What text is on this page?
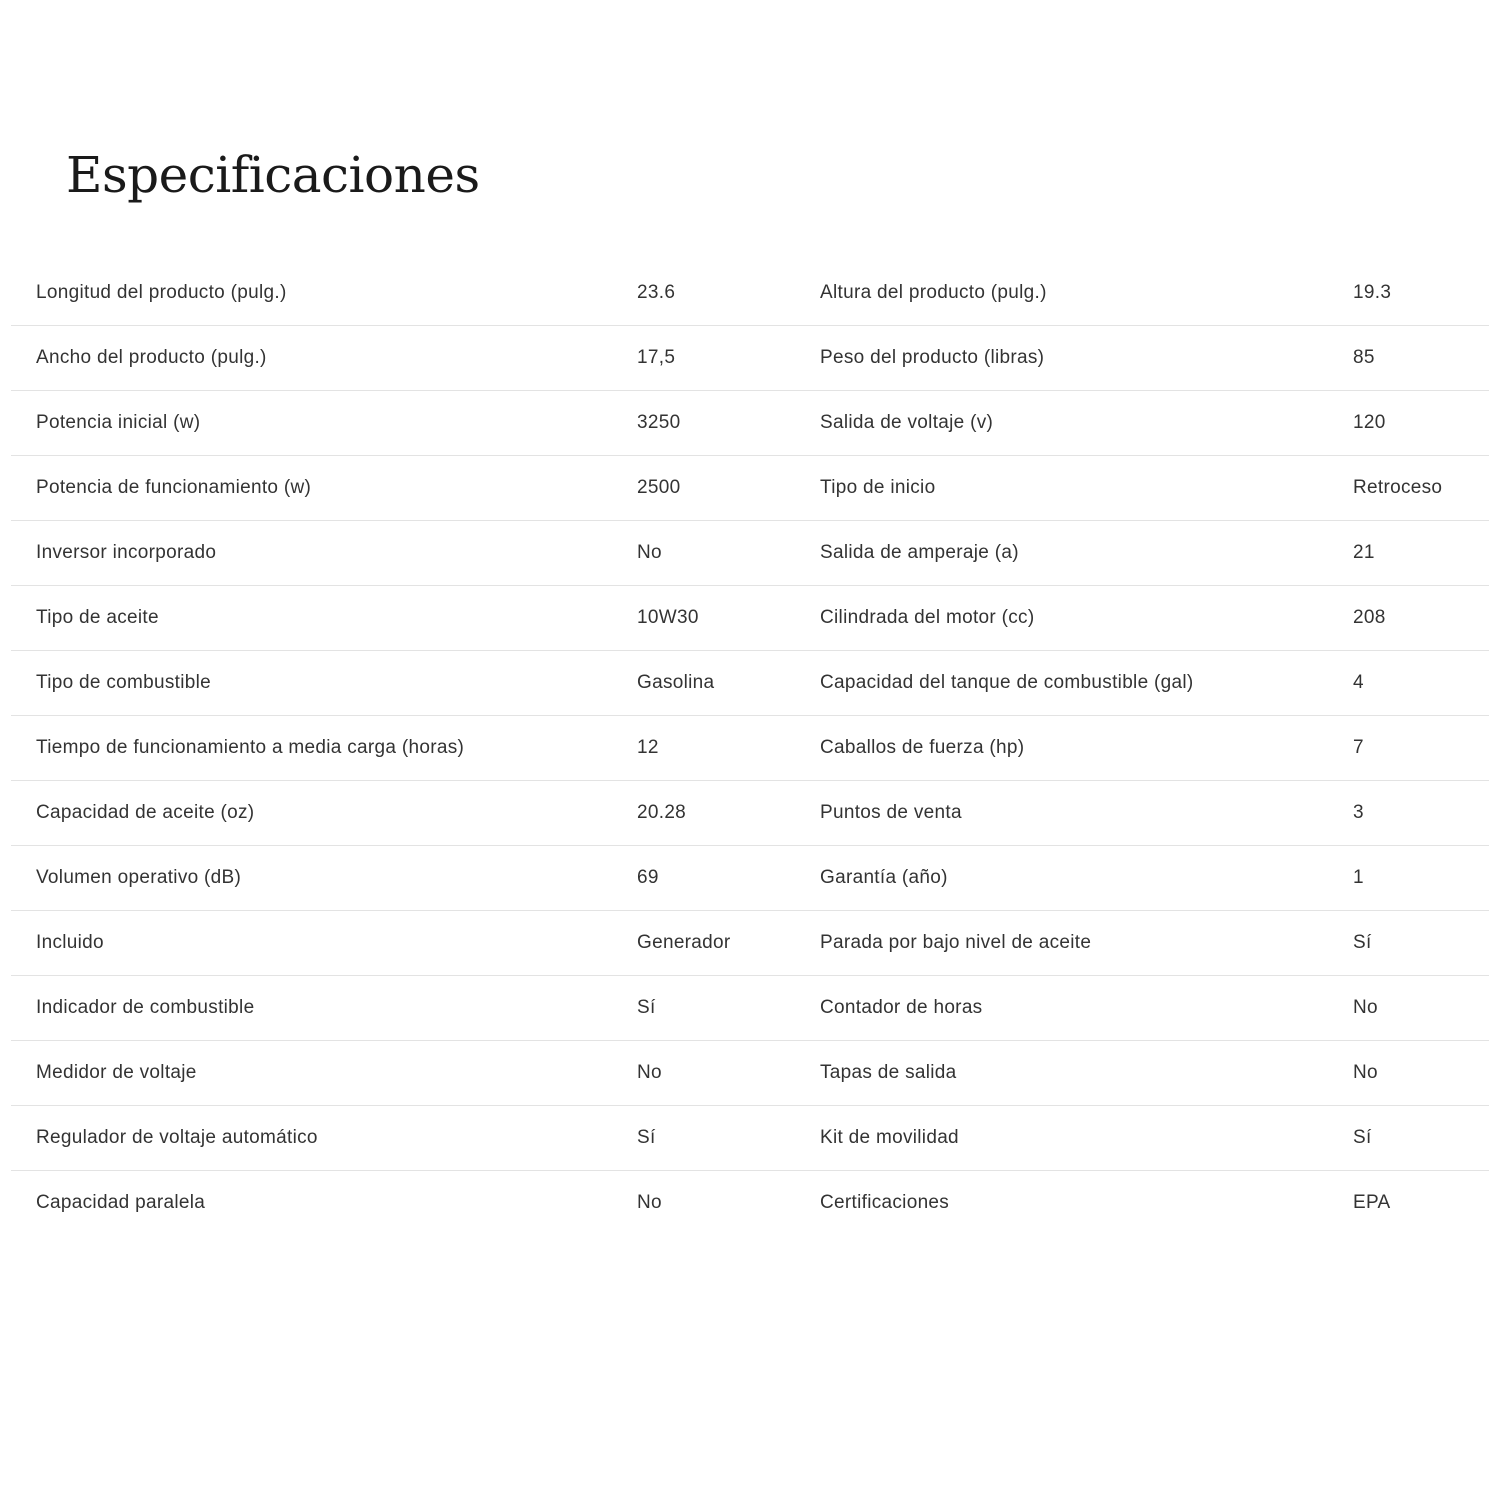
Especificaciones
Longitud del producto (pulg.)	23.6	Altura del producto (pulg.)	19.3
Ancho del producto (pulg.)	17,5	Peso del producto (libras)	85
Potencia inicial (w)	3250	Salida de voltaje (v)	120
Potencia de funcionamiento (w)	2500	Tipo de inicio	Retroceso
Inversor incorporado	No	Salida de amperaje (a)	21
Tipo de aceite	10W30	Cilindrada del motor (cc)	208
Tipo de combustible	Gasolina	Capacidad del tanque de combustible (gal)	4
Tiempo de funcionamiento a media carga (horas)	12	Caballos de fuerza (hp)	7
Capacidad de aceite (oz)	20.28	Puntos de venta	3
Volumen operativo (dB)	69	Garantía (año)	1
Incluido	Generador	Parada por bajo nivel de aceite	Sí
Indicador de combustible	Sí	Contador de horas	No
Medidor de voltaje	No	Tapas de salida	No
Regulador de voltaje automático	Sí	Kit de movilidad	Sí
Capacidad paralela	No	Certificaciones	EPA
